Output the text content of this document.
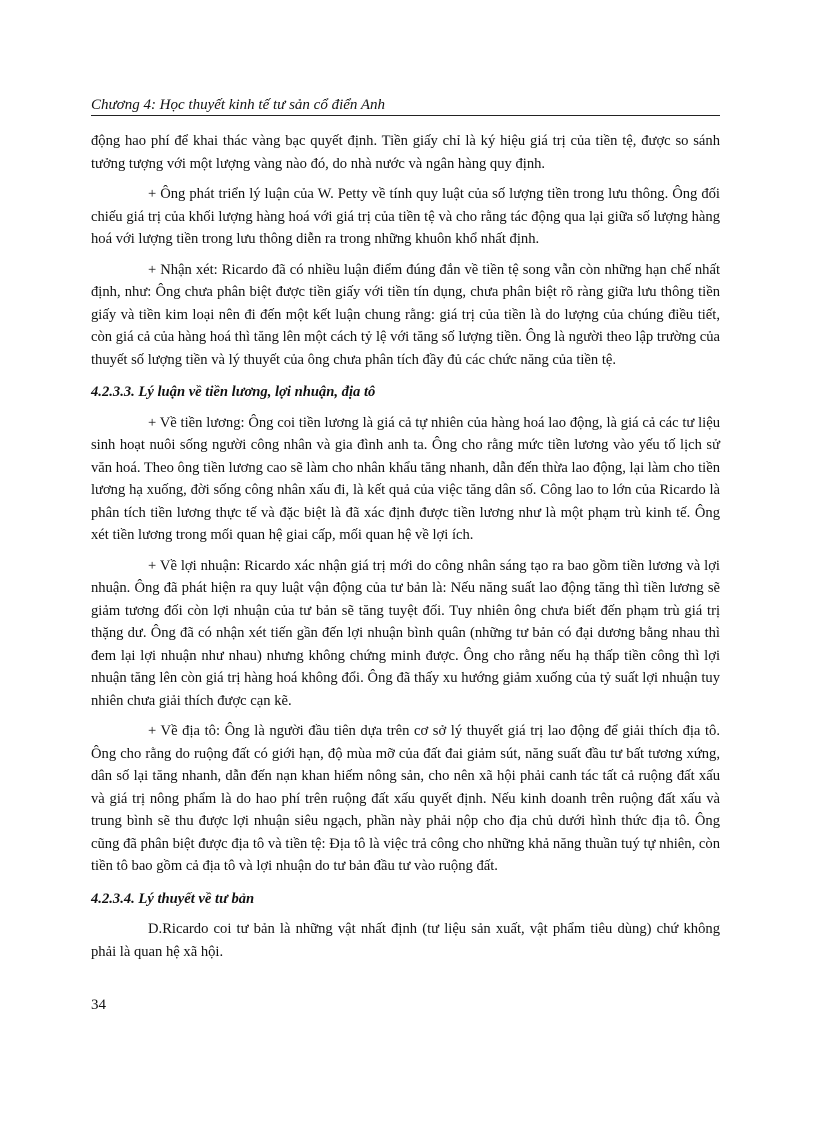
Chương 4: Học thuyết kinh tế tư sản cổ điển Anh

động hao phí để khai thác vàng bạc quyết định. Tiền giấy chỉ là ký hiệu giá trị của tiền tệ, được so sánh tưởng tượng với một lượng vàng nào đó, do nhà nước và ngân hàng quy định.

+ Ông phát triển lý luận của W. Petty về tính quy luật của số lượng tiền trong lưu thông. Ông đối chiếu giá trị của khối lượng hàng hoá với giá trị của tiền tệ và cho rằng tác động qua lại giữa số lượng hàng hoá với lượng tiền trong lưu thông diễn ra trong những khuôn khổ nhất định.

+ Nhận xét: Ricardo đã có nhiều luận điểm đúng đắn về tiền tệ song vẫn còn những hạn chế nhất định, như: Ông chưa phân biệt được tiền giấy với tiền tín dụng, chưa phân biệt rõ ràng giữa lưu thông tiền giấy và tiền kim loại nên đi đến một kết luận chung rằng: giá trị của tiền là do lượng của chúng điều tiết, còn giá cả của hàng hoá thì tăng lên một cách tỷ lệ với tăng số lượng tiền. Ông là người theo lập trường của thuyết số lượng tiền và lý thuyết của ông chưa phân tích đầy đủ các chức năng của tiền tệ.

4.2.3.3. Lý luận về tiền lương, lợi nhuận, địa tô

+ Về tiền lương: Ông coi tiền lương là giá cả tự nhiên của hàng hoá lao động, là giá cả các tư liệu sinh hoạt nuôi sống người công nhân và gia đình anh ta. Ông cho rằng mức tiền lương vào yếu tố lịch sử văn hoá. Theo ông tiền lương cao sẽ làm cho nhân khẩu tăng nhanh, dẫn đến thừa lao động, lại làm cho tiền lương hạ xuống, đời sống công nhân xấu đi, là kết quả của việc tăng dân số. Công lao to lớn của Ricardo là phân tích tiền lương thực tế và đặc biệt là đã xác định được tiền lương như là một phạm trù kinh tế. Ông xét tiền lương trong mối quan hệ giai cấp, mối quan hệ về lợi ích.

+ Về lợi nhuận: Ricardo xác nhận giá trị mới do công nhân sáng tạo ra bao gồm tiền lương và lợi nhuận. Ông đã phát hiện ra quy luật vận động của tư bản là: Nếu năng suất lao động tăng thì tiền lương sẽ giảm tương đối còn lợi nhuận của tư bản sẽ tăng tuyệt đối. Tuy nhiên ông chưa biết đến phạm trù giá trị thặng dư. Ông đã có nhận xét tiến gần đến lợi nhuận bình quân (những tư bản có đại dương bằng nhau thì đem lại lợi nhuận như nhau) nhưng không chứng minh được. Ông cho rằng nếu hạ thấp tiền công thì lợi nhuận tăng lên còn giá trị hàng hoá không đổi. Ông đã thấy xu hướng giảm xuống của tỷ suất lợi nhuận tuy nhiên chưa giải thích được cạn kẽ.

+ Về địa tô: Ông là người đầu tiên dựa trên cơ sở lý thuyết giá trị lao động để giải thích địa tô. Ông cho rằng do ruộng đất có giới hạn, độ mùa mỡ của đất đai giảm sút, năng suất đầu tư bất tương xứng, dân số lại tăng nhanh, dẫn đến nạn khan hiếm nông sản, cho nên xã hội phải canh tác tất cả ruộng đất xấu và giá trị nông phẩm là do hao phí trên ruộng đất xấu quyết định. Nếu kinh doanh trên ruộng đất xấu và trung bình sẽ thu được lợi nhuận siêu ngạch, phần này phải nộp cho địa chủ dưới hình thức địa tô. Ông cũng đã phân biệt được địa tô và tiền tệ: Địa tô là việc trả công cho những khả năng thuần tuý tự nhiên, còn tiền tô bao gồm cả địa tô và lợi nhuận do tư bản đầu tư vào ruộng đất.

4.2.3.4. Lý thuyết về tư bản

D.Ricardo coi tư bản là những vật nhất định (tư liệu sản xuất, vật phẩm tiêu dùng) chứ không phải là quan hệ xã hội.

34
